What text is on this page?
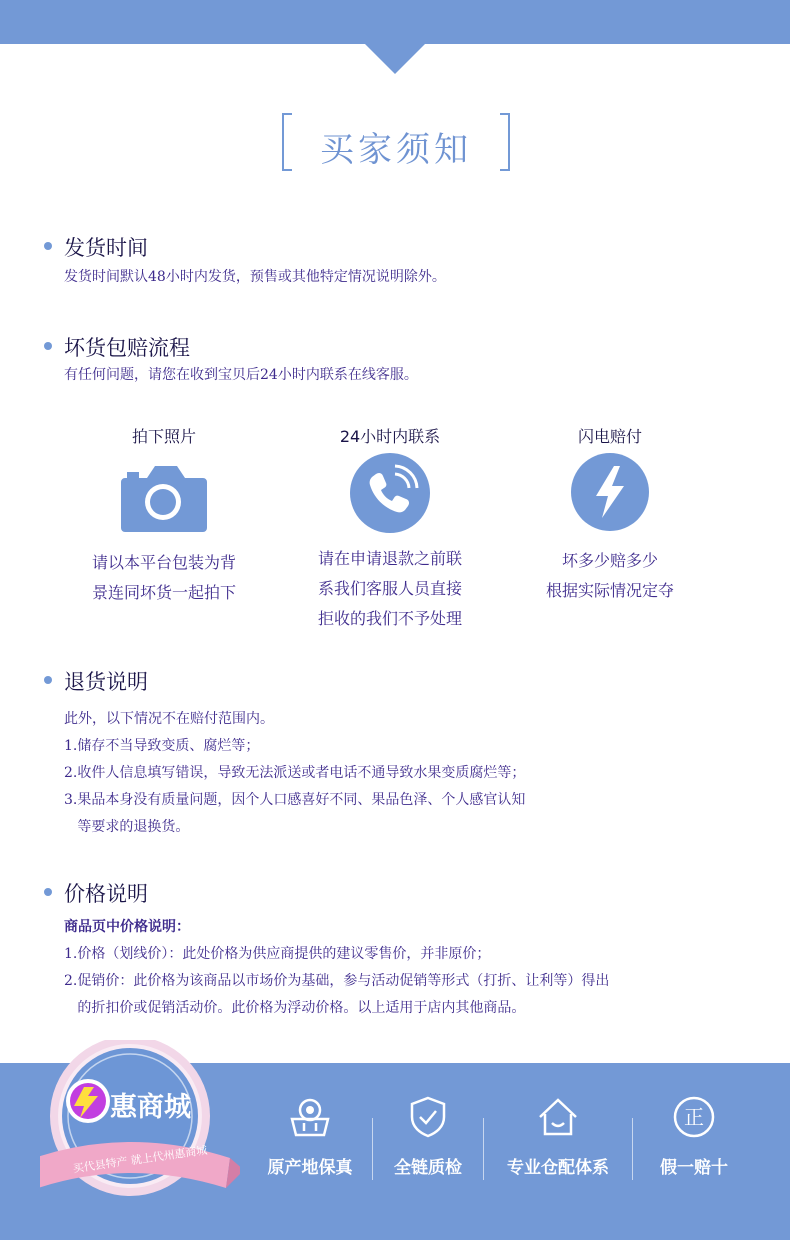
买家须知
发货时间
发货时间默认48小时内发货，预售或其他特定情况说明除外。
坏货包赔流程
有任何问题，请您在收到宝贝后24小时内联系在线客服。
拍下照片
请以本平台包装为背
景连同坏货一起拍下
24小时内联系
请在申请退款之前联
系我们客服人员直接
拒收的我们不予处理
闪电赔付
坏多少赔多少
根据实际情况定夺
退货说明
此外，以下情况不在赔付范围内。
1.储存不当导致变质、腐烂等；
2.收件人信息填写错误，导致无法派送或者电话不通导致水果变质腐烂等；
3.果品本身没有质量问题，因个人口感喜好不同、果品色泽、个人感官认知
等要求的退换货。
价格说明
商品页中价格说明：
1.价格（划线价）：此处价格为供应商提供的建议零售价，并非原价；
2.促销价：此价格为该商品以市场价为基础，参与活动促销等形式（打折、让利等）得出
的折扣价或促销活动价。此价格为浮动价格。以上适用于店内其他商品。
惠商城
买代县特产 就上代州惠商城	原产地保真	全链质检	专业仓配体系
正
假一赔十
